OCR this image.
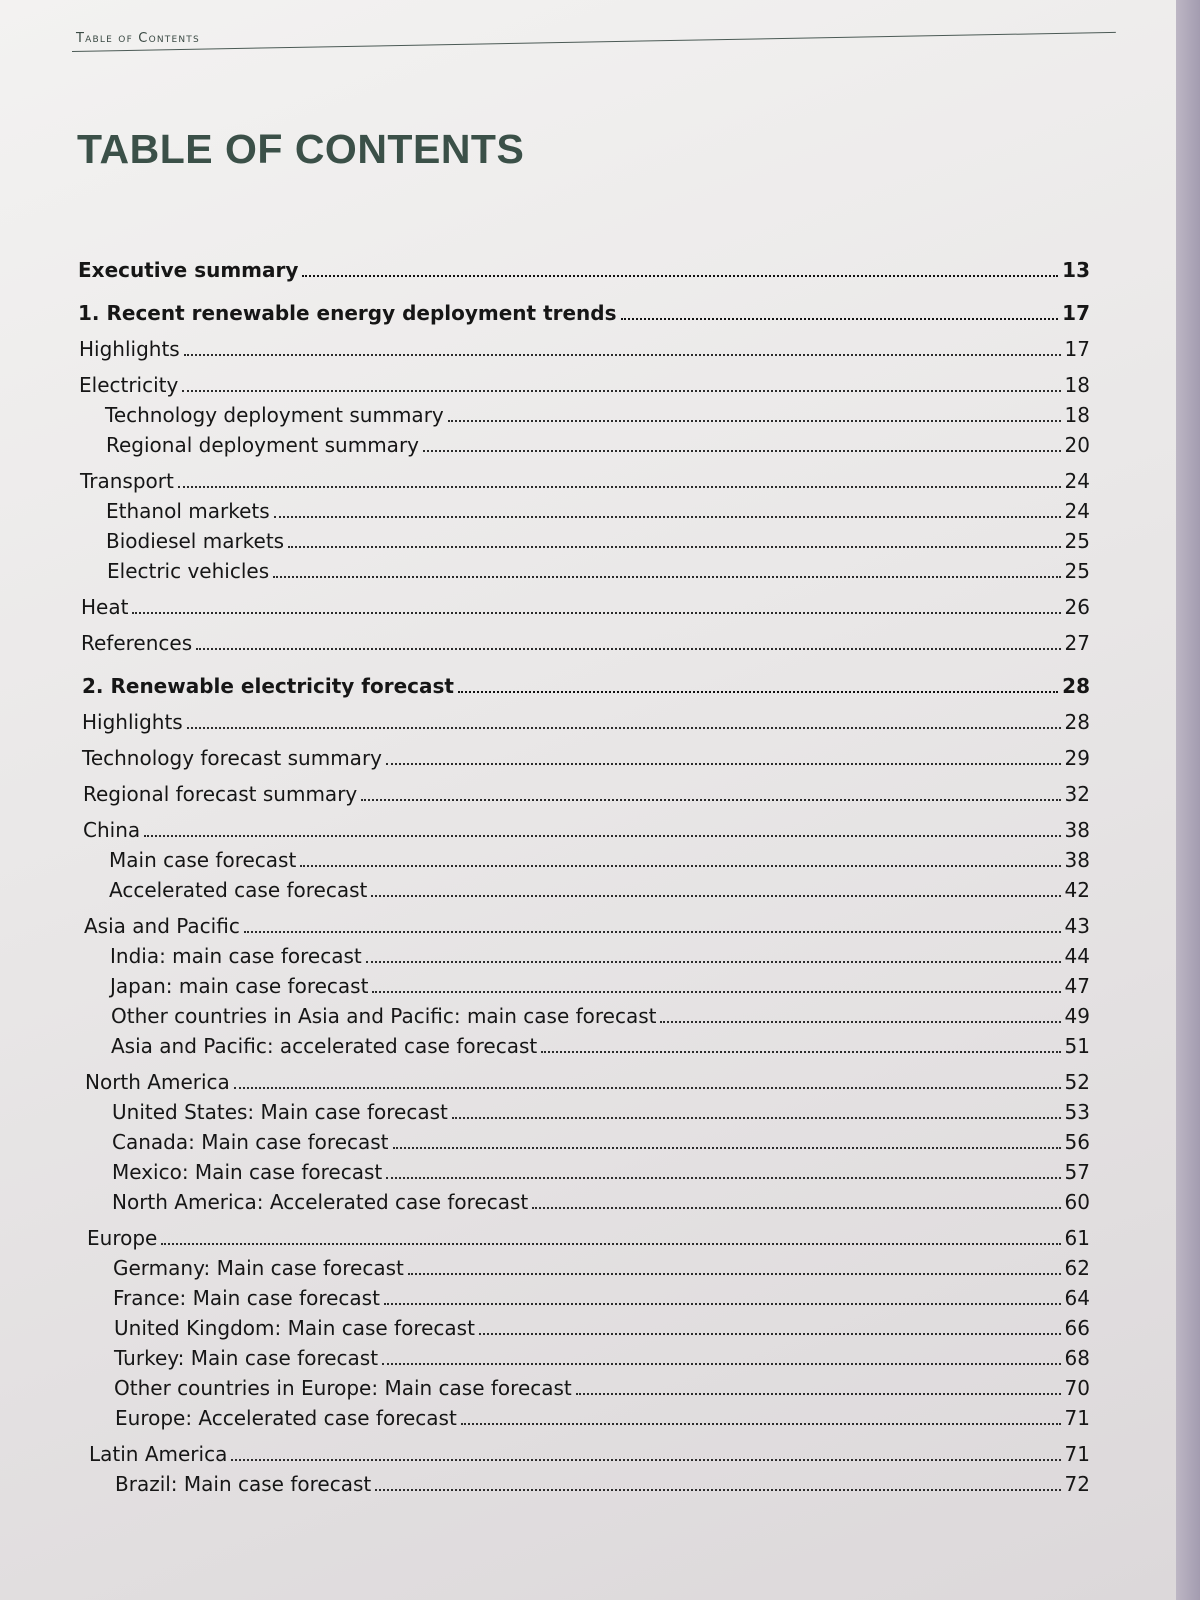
Table of Contents
TABLE OF CONTENTS
Executive summary	13
1. Recent renewable energy deployment trends	17
Highlights	17
Electricity	18
Technology deployment summary	18
Regional deployment summary	20
Transport	24
Ethanol markets	24
Biodiesel markets	25
Electric vehicles	25
Heat	26
References	27
2. Renewable electricity forecast	28
Highlights	28
Technology forecast summary	29
Regional forecast summary	32
China	38
Main case forecast	38
Accelerated case forecast	42
Asia and Pacific	43
India: main case forecast	44
Japan: main case forecast	47
Other countries in Asia and Pacific: main case forecast	49
Asia and Pacific: accelerated case forecast	51
North America	52
United States: Main case forecast	53
Canada: Main case forecast	56
Mexico: Main case forecast	57
North America: Accelerated case forecast	60
Europe	61
Germany: Main case forecast	62
France: Main case forecast	64
United Kingdom: Main case forecast	66
Turkey: Main case forecast	68
Other countries in Europe: Main case forecast	70
Europe: Accelerated case forecast	71
Latin America	71
Brazil: Main case forecast	72
